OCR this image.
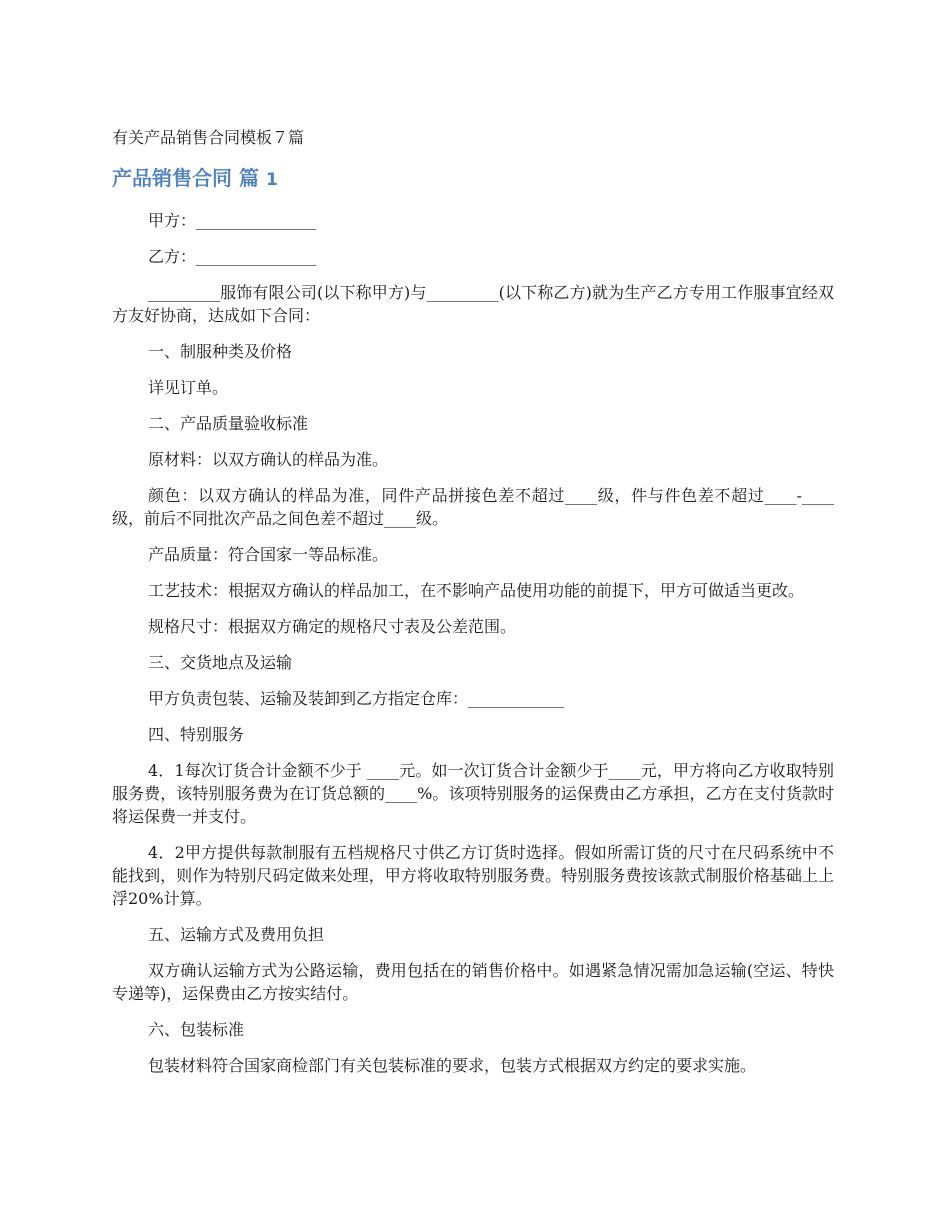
有关产品销售合同模板７篇

产品销售合同 篇 1

甲方：_______________

乙方：_______________

_________服饰有限公司(以下称甲方)与_________(以下称乙方)就为生产乙方专用工作服事宜经双方友好协商，达成如下合同：

一、制服种类及价格

详见订单。

二、产品质量验收标准

原材料：以双方确认的样品为准。

颜色：以双方确认的样品为准，同件产品拼接色差不超过____级，件与件色差不超过____-____级，前后不同批次产品之间色差不超过____级。

产品质量：符合国家一等品标准。

工艺技术：根据双方确认的样品加工，在不影响产品使用功能的前提下，甲方可做适当更改。

规格尺寸：根据双方确定的规格尺寸表及公差范围。

三、交货地点及运输

甲方负责包装、运输及装卸到乙方指定仓库：____________

四、特别服务

4．1每次订货合计金额不少于 ____元。如一次订货合计金额少于____元，甲方将向乙方收取特别服务费，该特别服务费为在订货总额的____%。该项特别服务的运保费由乙方承担，乙方在支付货款时将运保费一并支付。

4．2甲方提供每款制服有五档规格尺寸供乙方订货时选择。假如所需订货的尺寸在尺码系统中不能找到，则作为特别尺码定做来处理，甲方将收取特别服务费。特别服务费按该款式制服价格基础上上浮20%计算。

五、运输方式及费用负担

双方确认运输方式为公路运输，费用包括在的销售价格中。如遇紧急情况需加急运输(空运、特快专递等)，运保费由乙方按实结付。

六、包装标准

包装材料符合国家商检部门有关包装标准的要求，包装方式根据双方约定的要求实施。
